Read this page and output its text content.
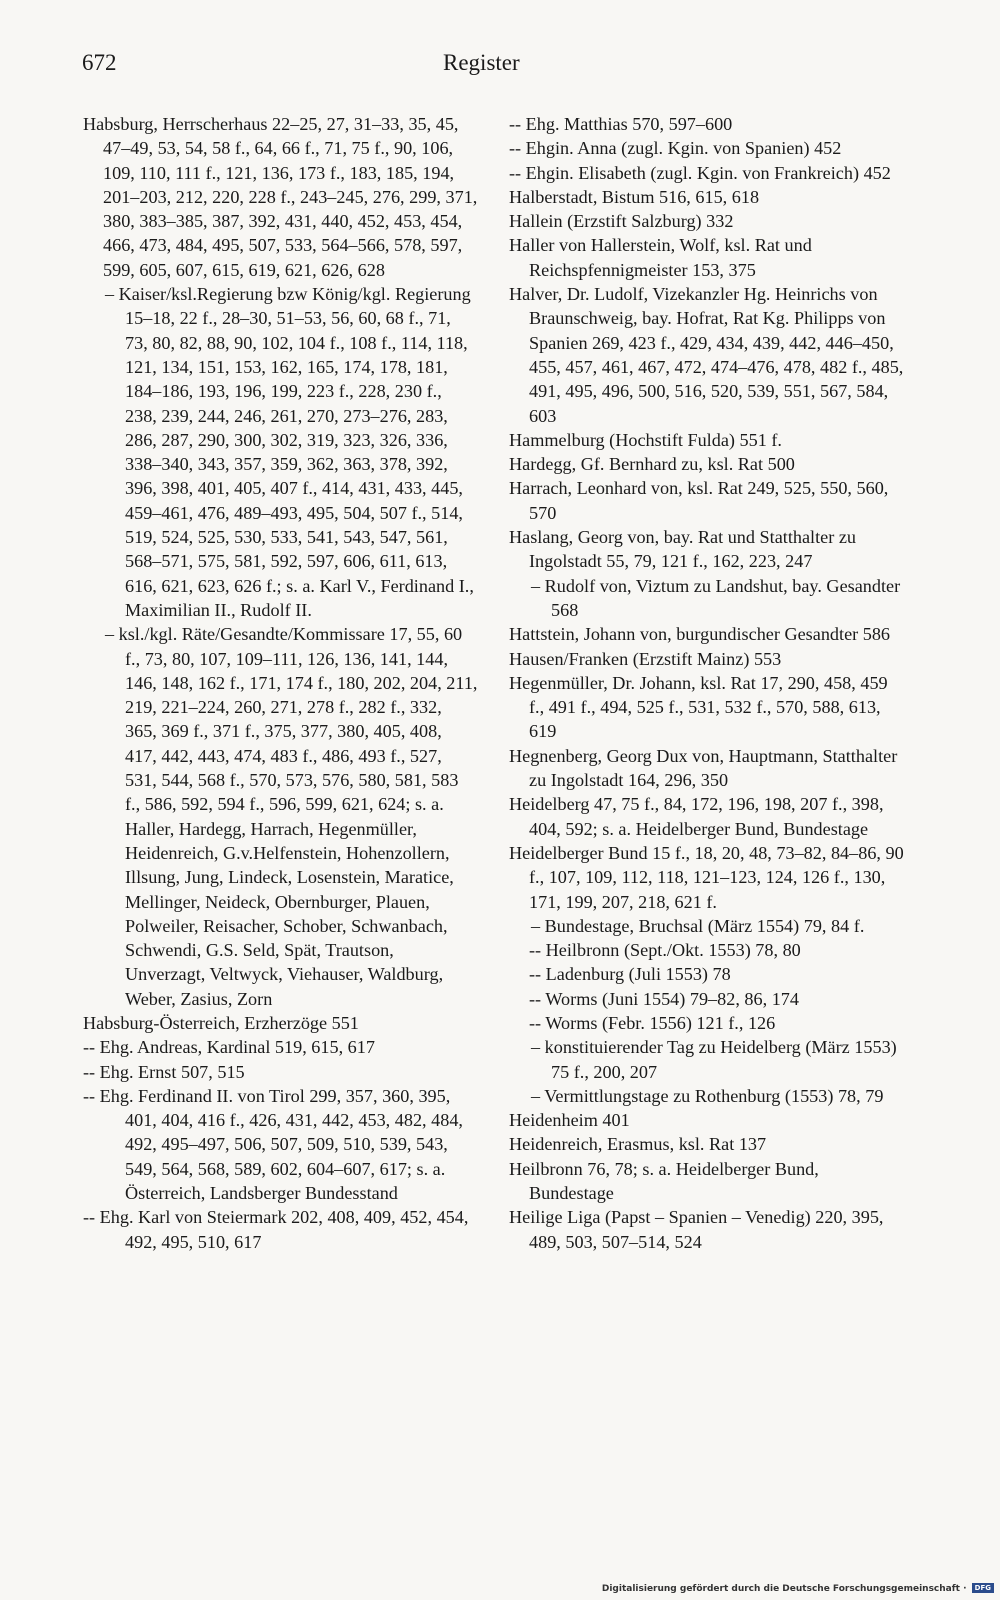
672	Register

Habsburg, Herrscherhaus 22–25, 27, 31–33, 35, 45, 47–49, 53, 54, 58 f., 64, 66 f., 71, 75 f., 90, 106, 109, 110, 111 f., 121, 136, 173 f., 183, 185, 194, 201–203, 212, 220, 228 f., 243–245, 276, 299, 371, 380, 383–385, 387, 392, 431, 440, 452, 453, 454, 466, 473, 484, 495, 507, 533, 564–566, 578, 597, 599, 605, 607, 615, 619, 621, 626, 628

– Kaiser/ksl.Regierung bzw König/kgl. Regierung 15–18, 22 f., 28–30, 51–53, 56, 60, 68 f., 71, 73, 80, 82, 88, 90, 102, 104 f., 108 f., 114, 118, 121, 134, 151, 153, 162, 165, 174, 178, 181, 184–186, 193, 196, 199, 223 f., 228, 230 f., 238, 239, 244, 246, 261, 270, 273–276, 283, 286, 287, 290, 300, 302, 319, 323, 326, 336, 338–340, 343, 357, 359, 362, 363, 378, 392, 396, 398, 401, 405, 407 f., 414, 431, 433, 445, 459–461, 476, 489–493, 495, 504, 507 f., 514, 519, 524, 525, 530, 533, 541, 543, 547, 561, 568–571, 575, 581, 592, 597, 606, 611, 613, 616, 621, 623, 626 f.; s. a. Karl V., Ferdinand I., Maximilian II., Rudolf II.

– ksl./kgl. Räte/Gesandte/Kommissare 17, 55, 60 f., 73, 80, 107, 109–111, 126, 136, 141, 144, 146, 148, 162 f., 171, 174 f., 180, 202, 204, 211, 219, 221–224, 260, 271, 278 f., 282 f., 332, 365, 369 f., 371 f., 375, 377, 380, 405, 408, 417, 442, 443, 474, 483 f., 486, 493 f., 527, 531, 544, 568 f., 570, 573, 576, 580, 581, 583 f., 586, 592, 594 f., 596, 599, 621, 624; s. a. Haller, Hardegg, Harrach, Hegenmüller, Heidenreich, G.v.Helfenstein, Hohenzollern, Illsung, Jung, Lindeck, Losenstein, Maratice, Mellinger, Neideck, Obernburger, Plauen, Polweiler, Reisacher, Schober, Schwanbach, Schwendi, G.S. Seld, Spät, Trautson, Unverzagt, Veltwyck, Viehauser, Waldburg, Weber, Zasius, Zorn

Habsburg-Österreich, Erzherzöge 551

-- Ehg. Andreas, Kardinal 519, 615, 617

-- Ehg. Ernst 507, 515

-- Ehg. Ferdinand II. von Tirol 299, 357, 360, 395, 401, 404, 416 f., 426, 431, 442, 453, 482, 484, 492, 495–497, 506, 507, 509, 510, 539, 543, 549, 564, 568, 589, 602, 604–607, 617; s. a. Österreich, Landsberger Bundesstand

-- Ehg. Karl von Steiermark 202, 408, 409, 452, 454, 492, 495, 510, 617

-- Ehg. Matthias 570, 597–600

-- Ehgin. Anna (zugl. Kgin. von Spanien) 452

-- Ehgin. Elisabeth (zugl. Kgin. von Frankreich) 452

Halberstadt, Bistum 516, 615, 618

Hallein (Erzstift Salzburg) 332

Haller von Hallerstein, Wolf, ksl. Rat und Reichspfennigmeister 153, 375

Halver, Dr. Ludolf, Vizekanzler Hg. Heinrichs von Braunschweig, bay. Hofrat, Rat Kg. Philipps von Spanien 269, 423 f., 429, 434, 439, 442, 446–450, 455, 457, 461, 467, 472, 474–476, 478, 482 f., 485, 491, 495, 496, 500, 516, 520, 539, 551, 567, 584, 603

Hammelburg (Hochstift Fulda) 551 f.

Hardegg, Gf. Bernhard zu, ksl. Rat 500

Harrach, Leonhard von, ksl. Rat 249, 525, 550, 560, 570

Haslang, Georg von, bay. Rat und Statthalter zu Ingolstadt 55, 79, 121 f., 162, 223, 247

– Rudolf von, Viztum zu Landshut, bay. Gesandter 568

Hattstein, Johann von, burgundischer Gesandter 586

Hausen/Franken (Erzstift Mainz) 553

Hegenmüller, Dr. Johann, ksl. Rat 17, 290, 458, 459 f., 491 f., 494, 525 f., 531, 532 f., 570, 588, 613, 619

Hegnenberg, Georg Dux von, Hauptmann, Statthalter zu Ingolstadt 164, 296, 350

Heidelberg 47, 75 f., 84, 172, 196, 198, 207 f., 398, 404, 592; s. a. Heidelberger Bund, Bundestage

Heidelberger Bund 15 f., 18, 20, 48, 73–82, 84–86, 90 f., 107, 109, 112, 118, 121–123, 124, 126 f., 130, 171, 199, 207, 218, 621 f.

– Bundestage, Bruchsal (März 1554) 79, 84 f.

-- Heilbronn (Sept./Okt. 1553) 78, 80

-- Ladenburg (Juli 1553) 78

-- Worms (Juni 1554) 79–82, 86, 174

-- Worms (Febr. 1556) 121 f., 126

– konstituierender Tag zu Heidelberg (März 1553) 75 f., 200, 207

– Vermittlungstage zu Rothenburg (1553) 78, 79

Heidenheim 401

Heidenreich, Erasmus, ksl. Rat 137

Heilbronn 76, 78; s. a. Heidelberger Bund, Bundestage

Heilige Liga (Papst – Spanien – Venedig) 220, 395, 489, 503, 507–514, 524

Digitalisierung gefördert durch die Deutsche Forschungsgemeinschaft · DFG
